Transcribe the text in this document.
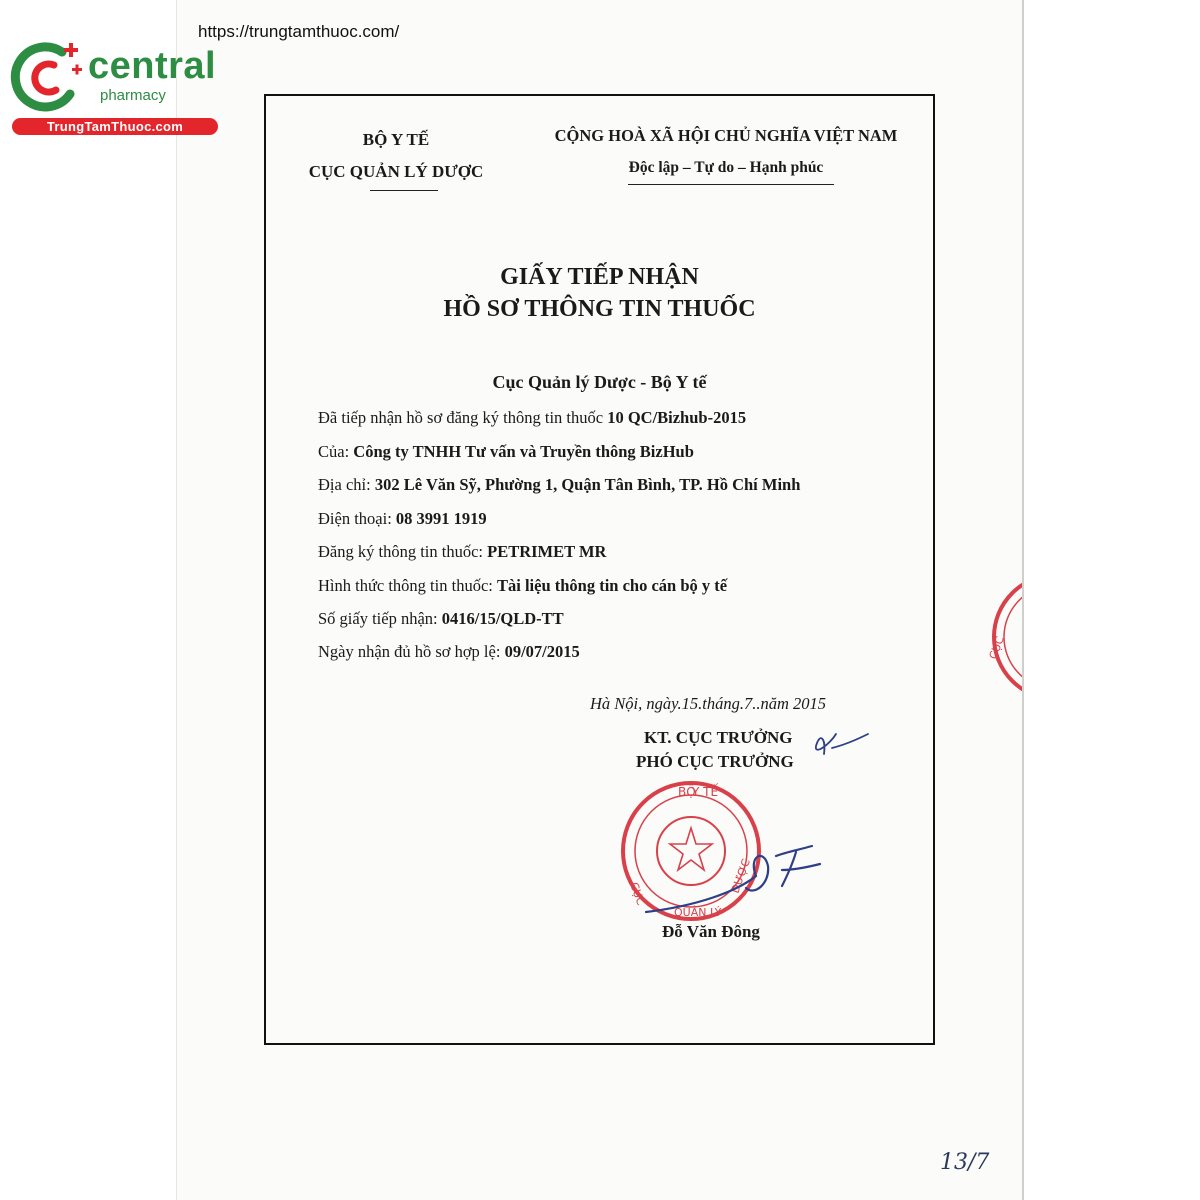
https://trungtamthuoc.com/
central
pharmacy
TrungTamThuoc.com
CỤC
BỘ Y TẾ
CỤC QUẢN LÝ DƯỢC
CỘNG HOÀ XÃ HỘI CHỦ NGHĨA VIỆT NAM
Độc lập – Tự do – Hạnh phúc
GIẤY TIẾP NHẬN
HỒ SƠ THÔNG TIN THUỐC
Cục Quản lý Dược - Bộ Y tế
Đã tiếp nhận hồ sơ đăng ký thông tin thuốc 10 QC/Bizhub-2015
Của: Công ty TNHH Tư vấn và Truyền thông BizHub
Địa chỉ: 302 Lê Văn Sỹ, Phường 1, Quận Tân Bình, TP. Hồ Chí Minh
Điện thoại: 08 3991 1919
Đăng ký thông tin thuốc: PETRIMET MR
Hình thức thông tin thuốc: Tài liệu thông tin cho cán bộ y tế
Số giấy tiếp nhận: 0416/15/QLD-TT
Ngày nhận đủ hồ sơ hợp lệ: 09/07/2015
Hà Nội, ngày.15.tháng.7..năm 2015
KT. CỤC TRƯỞNG
PHÓ CỤC TRƯỞNG
BỘ
Y TẾ
CỤC
QUẢN LÝ
DƯỢC
Đỗ Văn Đông
13/7
